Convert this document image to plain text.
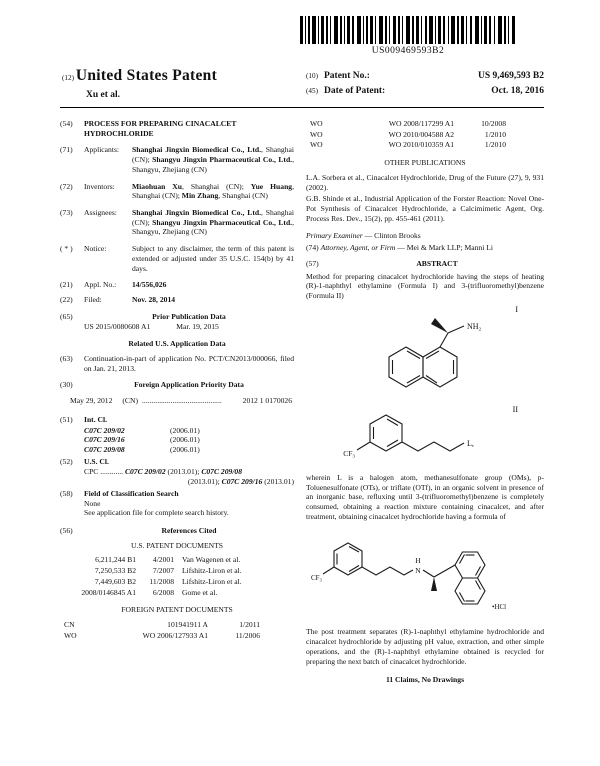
US009469593B2
(12) United States Patent
Xu et al.
(10) Patent No.:	US 9,469,593 B2
(45) Date of Patent:	Oct. 18, 2016
(54)	PROCESS FOR PREPARING CINACALCET HYDROCHLORIDE
(71)	Applicants:	Shanghai Jingxin Biomedical Co., Ltd., Shanghai (CN); Shangyu Jingxin Pharmaceutical Co., Ltd., Shangyu, Zhejiang (CN)
(72)	Inventors:	Miaohuan Xu, Shanghai (CN); Yue Huang, Shanghai (CN); Min Zhang, Shanghai (CN)
(73)	Assignees:	Shanghai Jingxin Biomedical Co., Ltd., Shanghai (CN); Shangyu Jingxin Pharmaceutical Co., Ltd., Shangyu, Zhejiang (CN)
( * )	Notice:	Subject to any disclaimer, the term of this patent is extended or adjusted under 35 U.S.C. 154(b) by 41 days.
(21)	Appl. No.:	14/556,026
(22)	Filed:	Nov. 28, 2014
(65)	Prior Publication Data
US 2015/0080608 A1	Mar. 19, 2015
Related U.S. Application Data
(63)	Continuation-in-part of application No. PCT/CN2013/000066, filed on Jan. 21, 2013.
(30)	Foreign Application Priority Data
May 29, 2012 (CN) ..........................................	2012 1 0170026
(51)	Int. Cl.
C07C 209/02	(2006.01)
C07C 209/16	(2006.01)
C07C 209/08	(2006.01)
(52)	U.S. Cl.
CPC ............ C07C 209/02 (2013.01); C07C 209/08
(2013.01); C07C 209/16 (2013.01)
(58)	Field of Classification Search
None
See application file for complete search history.
(56)	References Cited
U.S. PATENT DOCUMENTS
6,211,244 B1	4/2001	Van Wagenen et al.
7,250,533 B2	7/2007	Lifshitz-Liron et al.
7,449,603 B2	11/2008	Lifshitz-Liron et al.
2008/0146845 A1	6/2008	Gome et al.
FOREIGN PATENT DOCUMENTS
CN	101941911 A	1/2011
WO	WO 2006/127933 A1	11/2006
WO	WO 2008/117299 A1	10/2008
WO	WO 2010/004588 A2	1/2010
WO	WO 2010/010359 A1	1/2010
OTHER PUBLICATIONS
L.A. Sorbera et al., Cinacalcet Hydrochloride, Drug of the Future (27), 9, 931 (2002).
G.B. Shinde et al., Industrial Application of the Forster Reaction: Novel One-Pot Synthesis of Cinacalcet Hydrochloride, a Calcimimetic Agent, Org. Process Res. Dev., 15(2), pp. 455-461 (2011).
Primary Examiner — Clinton Brooks
(74) Attorney, Agent, or Firm — Mei & Mark LLP; Manni Li
(57)	ABSTRACT
Method for preparing cinacalcet hydrochloride having the steps of heating (R)-1-naphthyl ethylamine (Formula I) and 3-(trifluoromethyl)benzene (Formula II)
I
NH₂
II
CF₃
L,
wherein L is a halogen atom, methanesulfonate group (OMs), p-Toluenesulfonate (OTs), or triflate (OTf), in an organic solvent in presence of an inorganic base, refluxing until 3-(trifluoromethyl)benzene is completely consumed, obtaining a reaction mixture containing cinacalcet, and after treatment, obtaining cinacalcet hydrochloride having a formula of
CF₃
N
H
•HCl
The post treatment separates (R)-1-naphthyl ethylamine hydrochloride and cinacalcet hydrochloride by adjusting pH value, extraction, and other simple operations, and the (R)-1-naphthyl ethylamine obtained is recycled for preparing the next batch of cinacalcet hydrochloride.
11 Claims, No Drawings
